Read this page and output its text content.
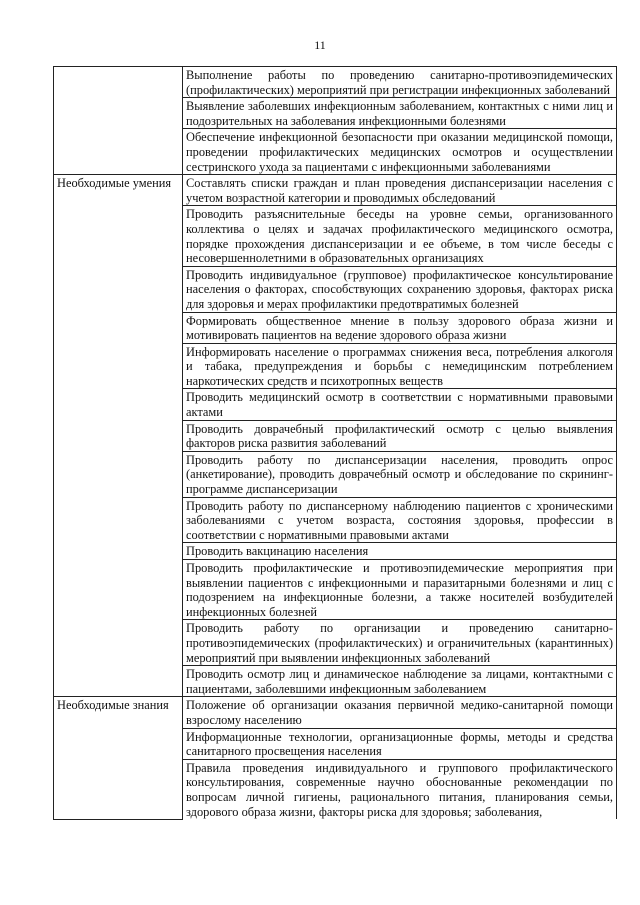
11
	Выполнение работы по проведению санитарно-противоэпидемических (профилактических) мероприятий при регистрации инфекционных заболеваний
	Выявление заболевших инфекционным заболеванием, контактных с ними лиц и подозрительных на заболевания инфекционными болезнями
	Обеспечение инфекционной безопасности при оказании медицинской помощи, проведении профилактических медицинских осмотров и осуществлении сестринского ухода за пациентами с инфекционными заболеваниями
Необходимые умения	Составлять списки граждан и план проведения диспансеризации населения с учетом возрастной категории и проводимых обследований
	Проводить разъяснительные беседы на уровне семьи, организованного коллектива о целях и задачах профилактического медицинского осмотра, порядке прохождения диспансеризации и ее объеме, в том числе беседы с несовершеннолетними в образовательных организациях
	Проводить индивидуальное (групповое) профилактическое консультирование населения о факторах, способствующих сохранению здоровья, факторах риска для здоровья и мерах профилактики предотвратимых болезней
	Формировать общественное мнение в пользу здорового образа жизни и мотивировать пациентов на ведение здорового образа жизни
	Информировать население о программах снижения веса, потребления алкоголя и табака, предупреждения и борьбы с немедицинским потреблением наркотических средств и психотропных веществ
	Проводить медицинский осмотр в соответствии с нормативными правовыми актами
	Проводить доврачебный профилактический осмотр с целью выявления факторов риска развития заболеваний
	Проводить работу по диспансеризации населения, проводить опрос (анкетирование), проводить доврачебный осмотр и обследование по скрининг-программе диспансеризации
	Проводить работу по диспансерному наблюдению пациентов с хроническими заболеваниями с учетом возраста, состояния здоровья, профессии в соответствии с нормативными правовыми актами
	Проводить вакцинацию населения
	Проводить профилактические и противоэпидемические мероприятия при выявлении пациентов с инфекционными и паразитарными болезнями и лиц с подозрением на инфекционные болезни, а также носителей возбудителей инфекционных болезней
	Проводить работу по организации и проведению санитарно-противоэпидемических (профилактических) и ограничительных (карантинных) мероприятий при выявлении инфекционных заболеваний
	Проводить осмотр лиц и динамическое наблюдение за лицами, контактными с пациентами, заболевшими инфекционным заболеванием
Необходимые знания	Положение об организации оказания первичной медико-санитарной помощи взрослому населению
	Информационные технологии, организационные формы, методы и средства санитарного просвещения населения
	Правила проведения индивидуального и группового профилактического консультирования, современные научно обоснованные рекомендации по вопросам личной гигиены, рационального питания, планирования семьи, здорового образа жизни, факторы риска для здоровья; заболевания,
